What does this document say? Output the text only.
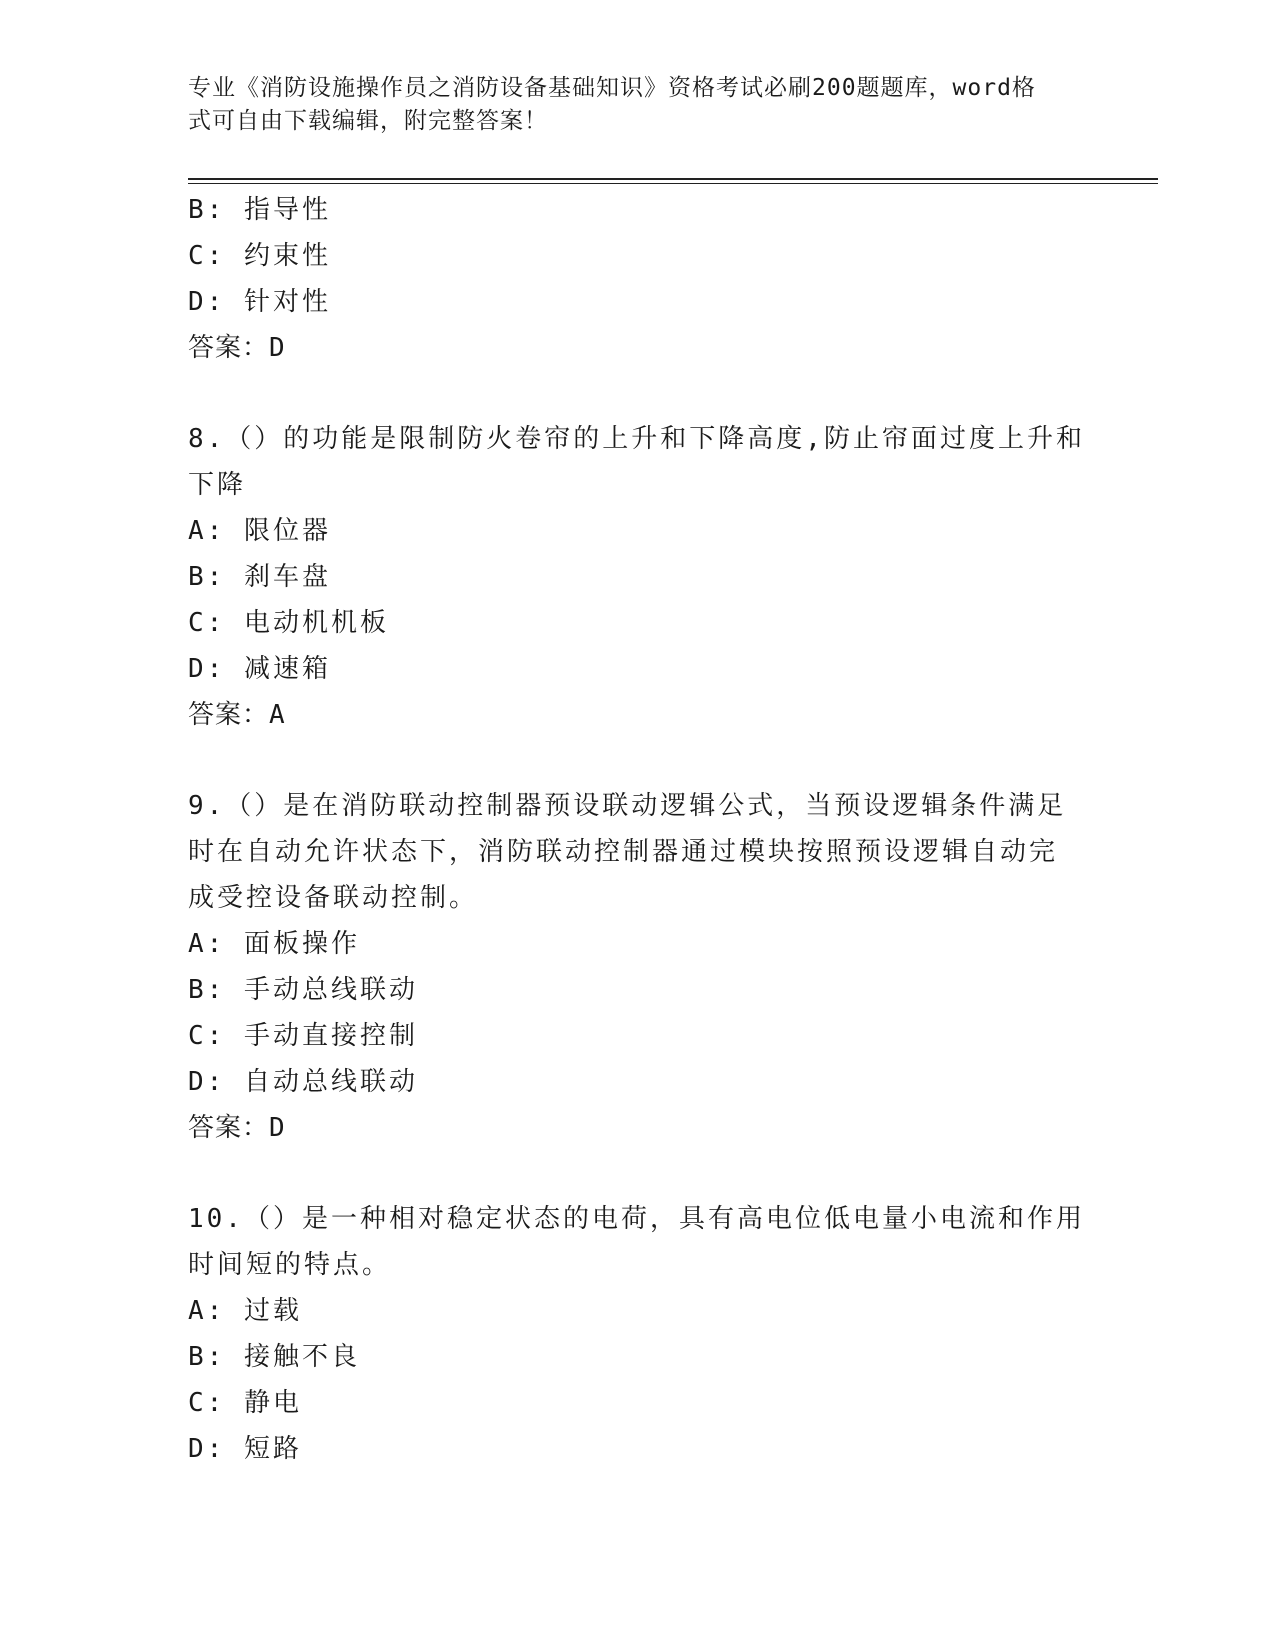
专业《消防设施操作员之消防设备基础知识》资格考试必刷200题题库，word格
式可自由下载编辑，附完整答案！
B: 指导性
C: 约束性
D: 针对性
答案：D
8.（）的功能是限制防火卷帘的上升和下降高度,防止帘面过度上升和
下降
A: 限位器
B: 刹车盘
C: 电动机机板
D: 减速箱
答案：A
9.（）是在消防联动控制器预设联动逻辑公式，当预设逻辑条件满足
时在自动允许状态下，消防联动控制器通过模块按照预设逻辑自动完
成受控设备联动控制。
A: 面板操作
B: 手动总线联动
C: 手动直接控制
D: 自动总线联动
答案：D
10.（）是一种相对稳定状态的电荷，具有高电位低电量小电流和作用
时间短的特点。
A: 过载
B: 接触不良
C: 静电
D: 短路
